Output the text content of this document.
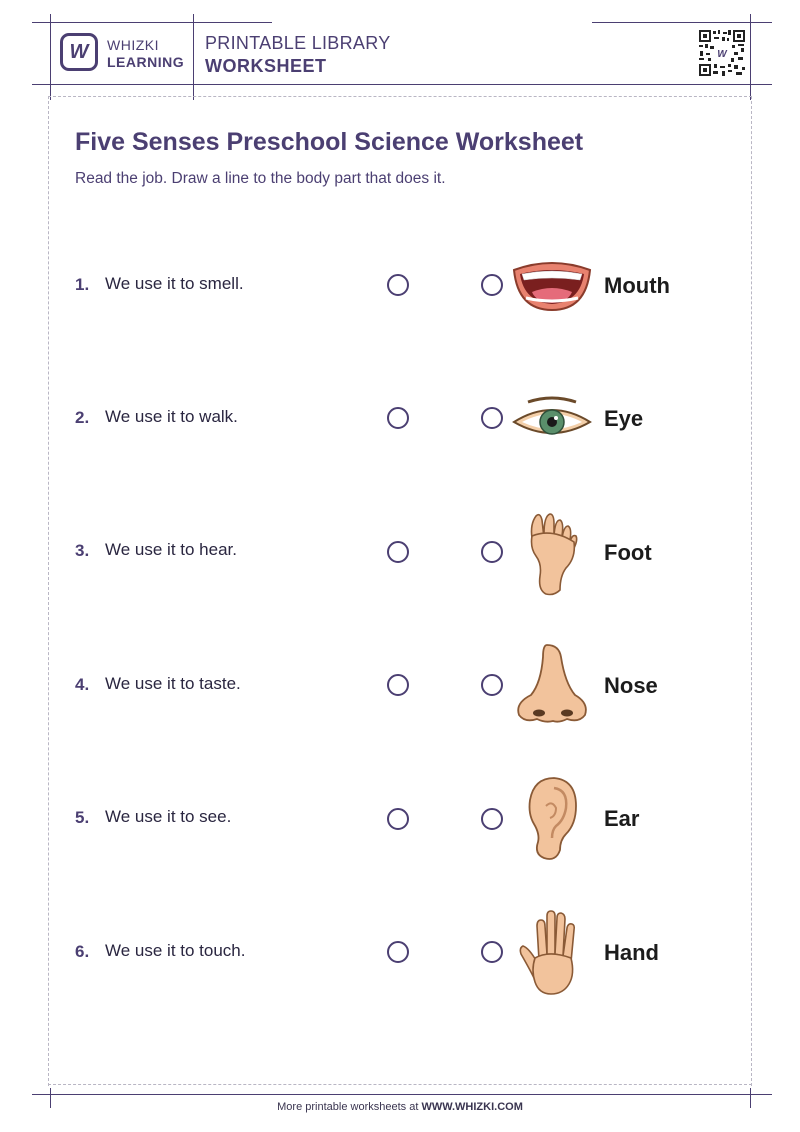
W WHIZKI
LEARNING
PRINTABLE LIBRARY
WORKSHEET
W
Five Senses Preschool Science Worksheet
Read the job. Draw a line to the body part that does it.
1. We use it to smell.	Mouth
2. We use it to walk.	Eye
3. We use it to hear.	Foot
4. We use it to taste.	Nose
5. We use it to see.	Ear
6. We use it to touch.	Hand
More printable worksheets at WWW.WHIZKI.COM
